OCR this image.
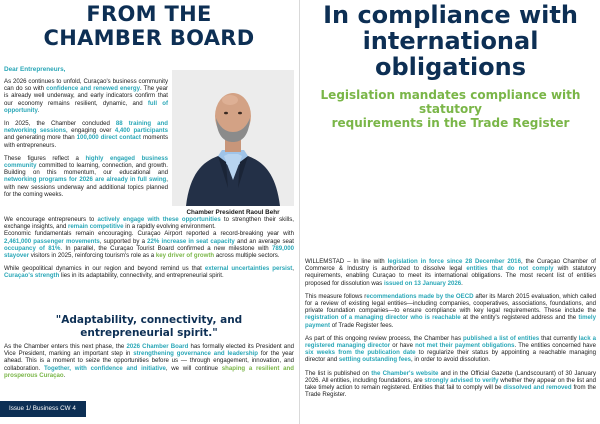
FROM THE
CHAMBER BOARD
Dear Entrepreneurs,

As 2026 continues to unfold, Curaçao's business community can do so with confidence and renewed energy. The year is already well underway, and early indicators confirm that our economy remains resilient, dynamic, and full of opportunity.

In 2025, the Chamber concluded 88 training and networking sessions, engaging over 4,400 participants and generating more than 100,000 direct contact moments with entrepreneurs.

These figures reflect a highly engaged business community committed to learning, connection, and growth. Building on this momentum, our educational and networking programs for 2026 are already in full swing, with new sessions underway and additional topics planned for the coming weeks.

Chamber President Raoul Behr

We encourage entrepreneurs to actively engage with these opportunities to strengthen their skills, exchange insights, and remain competitive in a rapidly evolving environment.

Economic fundamentals remain encouraging. Curaçao Airport reported a record-breaking year with 2,461,000 passenger movements, supported by a 22% increase in seat capacity and an average seat occupancy of 81%. In parallel, the Curaçao Tourist Board confirmed a new milestone with 789,000 stayover visitors in 2025, reinforcing tourism's role as a key driver of growth across multiple sectors.

While geopolitical dynamics in our region and beyond remind us that external uncertainties persist, Curaçao's strength lies in its adaptability, connectivity, and entrepreneurial spirit.

"Adaptability, connectivity, and
entrepreneurial spirit."

As the Chamber enters this next phase, the 2026 Chamber Board has formally elected its President and Vice President, marking an important step in strengthening governance and leadership for the year ahead. This is a moment to seize the opportunities before us — through engagement, innovation, and collaboration. Together, with confidence and initiative, we will continue shaping a resilient and prosperous Curaçao.

Issue 1/ Business CW 4
In compliance with
international
obligations
Legislation mandates compliance with statutory
requirements in the Trade Register

WILLEMSTAD – In line with legislation in force since 28 December 2016, the Curaçao Chamber of Commerce & Industry is authorized to dissolve legal entities that do not comply with statutory requirements, enabling Curaçao to meet its international obligations. The most recent list of entities proposed for dissolution was issued on 13 January 2026.

This measure follows recommendations made by the OECD after its March 2015 evaluation, which called for a review of existing legal entities—including companies, cooperatives, associations, foundations, and private foundation companies—to ensure compliance with key legal requirements. These include the registration of a managing director who is reachable at the entity's registered address and the timely payment of Trade Register fees.

As part of this ongoing review process, the Chamber has published a list of entities that currently lack a registered managing director or have not met their payment obligations. The entities concerned have six weeks from the publication date to regularize their status by appointing a reachable managing director and settling outstanding fees, in order to avoid dissolution.

The list is published on the Chamber's website and in the Official Gazette (Landscourant) of 30 January 2026. All entities, including foundations, are strongly advised to verify whether they appear on the list and take timely action to remain registered. Entities that fail to comply will be dissolved and removed from the Trade Register.
